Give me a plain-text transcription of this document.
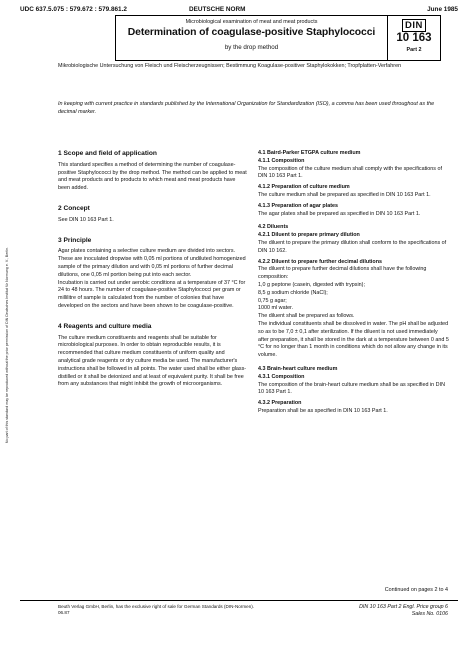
No part of this standard may be reproduced without the prior permission of DIN Deutsches Institut für Normung e. V., Berlin.
UDC 637.5.075 : 579.672 : 579.861.2	DEUTSCHE NORM	June 1985
Microbiological examination of meat and meat products
Determination of coagulase-positive Staphylococci
by the drop method
DIN
10 163
Part 2
Mikrobiologische Untersuchung von Fleisch und Fleischerzeugnissen; Bestimmung Koagulase-positiver Staphylokokken; Tropfplatten-Verfahren
In keeping with current practice in standards published by the International Organization for Standardization (ISO), a comma has been used throughout as the decimal marker.

1 Scope and field of application

This standard specifies a method of determining the number of coagulase-positive Staphylococci by the drop method. The method can be applied to meat and meat products and to products to which meat and meat products have been added.

2 Concept

See DIN 10 163 Part 1.

3 Principle

Agar plates containing a selective culture medium are divided into sectors. These are inoculated dropwise with 0,05 ml portions of undiluted homogenized sample of the primary dilution and with 0,05 ml portions of further decimal dilutions, one 0,05 ml portion being put into each sector.

Incubation is carried out under aerobic conditions at a temperature of 37 °C for 24 to 48 hours. The number of coagulase-positive Staphylococci per gram or millilitre of sample is calculated from the number of colonies that have developed on the sectors and have been shown to be coagulase-positive.

4 Reagents and culture media

The culture medium constituents and reagents shall be suitable for microbiological purposes. In order to obtain reproducible results, it is recommended that culture medium constituents of uniform quality and analytical grade reagents or dry culture media be used. The manufacturer's instructions shall be followed in all points. The water used shall be either glass-distilled or it shall be deionized and at least of equivalent purity. It shall be free from any substances that might inhibit the growth of microorganisms.

4.1 Baird-Parker ETGPA culture medium

4.1.1 Composition

The composition of the culture medium shall comply with the specifications of DIN 10 163 Part 1.

4.1.2 Preparation of culture medium

The culture medium shall be prepared as specified in DIN 10 163 Part 1.

4.1.3 Preparation of agar plates

The agar plates shall be prepared as specified in DIN 10 163 Part 1.

4.2 Diluents

4.2.1 Diluent to prepare primary dilution

The diluent to prepare the primary dilution shall conform to the specifications of DIN 10 162.

4.2.2 Diluent to prepare further decimal dilutions

The diluent to prepare further decimal dilutions shall have the following composition:

1,0 g peptone (casein, digested with trypsin);

8,5 g sodium chloride (NaCl);

0,75 g agar;

1000 ml water.

The diluent shall be prepared as follows.

The individual constituents shall be dissolved in water. The pH shall be adjusted so as to be 7,0 ± 0,1 after sterilization. If the diluent is not used immediately after preparation, it shall be stored in the dark at a temperature between 0 and 5 °C for no longer than 1 month in conditions which do not allow any change in its volume.

4.3 Brain-heart culture medium

4.3.1 Composition

The composition of the brain-heart culture medium shall be as specified in DIN 10 163 Part 1.

4.3.2 Preparation

Preparation shall be as specified in DIN 10 163 Part 1.

Continued on pages 2 to 4
Beuth Verlag GmbH, Berlin, has the exclusive right of sale for German Standards (DIN-Normen).
06.87
DIN 10 163 Part 2 Engl. Price group 6
Sales No. 0106
